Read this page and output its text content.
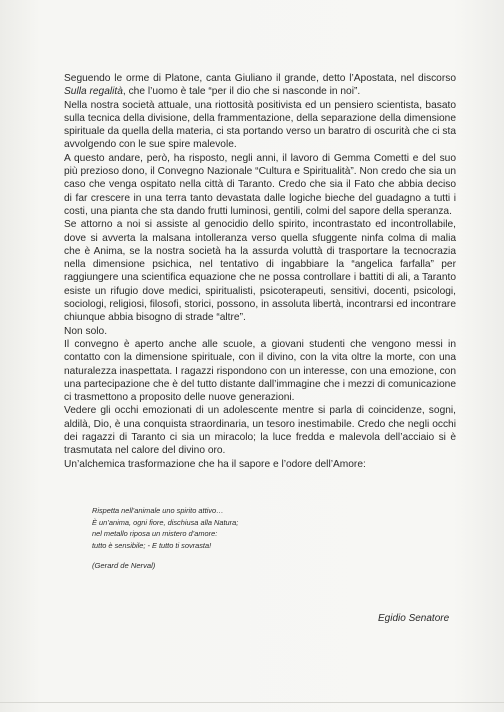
Seguendo le orme di Platone, canta Giuliano il grande, detto l’Apostata, nel discorso Sulla regalità, che l’uomo è tale “per il dio che si nasconde in noi”.

Nella nostra società attuale, una riottosità positivista ed un pensiero scientista, basato sulla tecnica della divisione, della frammentazione, della separazione della dimensione spirituale da quella della materia, ci sta portando verso un baratro di oscurità che ci sta avvolgendo con le sue spire malevole.

A questo andare, però, ha risposto, negli anni, il lavoro di Gemma Cometti e del suo più prezioso dono, il Convegno Nazionale “Cultura e Spiritualità”. Non credo che sia un caso che venga ospitato nella città di Taranto. Credo che sia il Fato che abbia deciso di far crescere in una terra tanto devastata dalle logiche bieche del guadagno a tutti i costi, una pianta che sta dando frutti luminosi, gentili, colmi del sapore della speranza.

Se attorno a noi si assiste al genocidio dello spirito, incontrastato ed incontrollabile, dove si avverta la malsana intolleranza verso quella sfuggente ninfa colma di malia che è Anima, se la nostra società ha la assurda voluttà di trasportare la tecnocrazia nella dimensione psichica, nel tentativo di ingabbiare la “angelica farfalla” per raggiungere una scientifica equazione che ne possa controllare i battiti di ali, a Taranto esiste un rifugio dove medici, spiritualisti, psicoterapeuti, sensitivi, docenti, psicologi, sociologi, religiosi, filosofi, storici, possono, in assoluta libertà, incontrarsi ed incontrare chiunque abbia bisogno di strade “altre”.

Non solo.

Il convegno è aperto anche alle scuole, a giovani studenti che vengono messi in contatto con la dimensione spirituale, con il divino, con la vita oltre la morte, con una naturalezza inaspettata. I ragazzi rispondono con un interesse, con una emozione, con una partecipazione che è del tutto distante dall’immagine che i mezzi di comunicazione ci trasmettono a proposito delle nuove generazioni.

Vedere gli occhi emozionati di un adolescente mentre si parla di coincidenze, sogni, aldilà, Dio, è una conquista straordinaria, un tesoro inestimabile. Credo che negli occhi dei ragazzi di Taranto ci sia un miracolo; la luce fredda e malevola dell’acciaio si è trasmutata nel calore del divino oro.

Un’alchemica trasformazione che ha il sapore e l’odore dell’Amore:

Rispetta nell’animale uno spirito attivo…
È un’anima, ogni fiore, dischiusa alla Natura;
nel metallo riposa un mistero d’amore:
tutto è sensibile; - E tutto ti sovrasta!
(Gerard de Nerval)
Egidio Senatore
